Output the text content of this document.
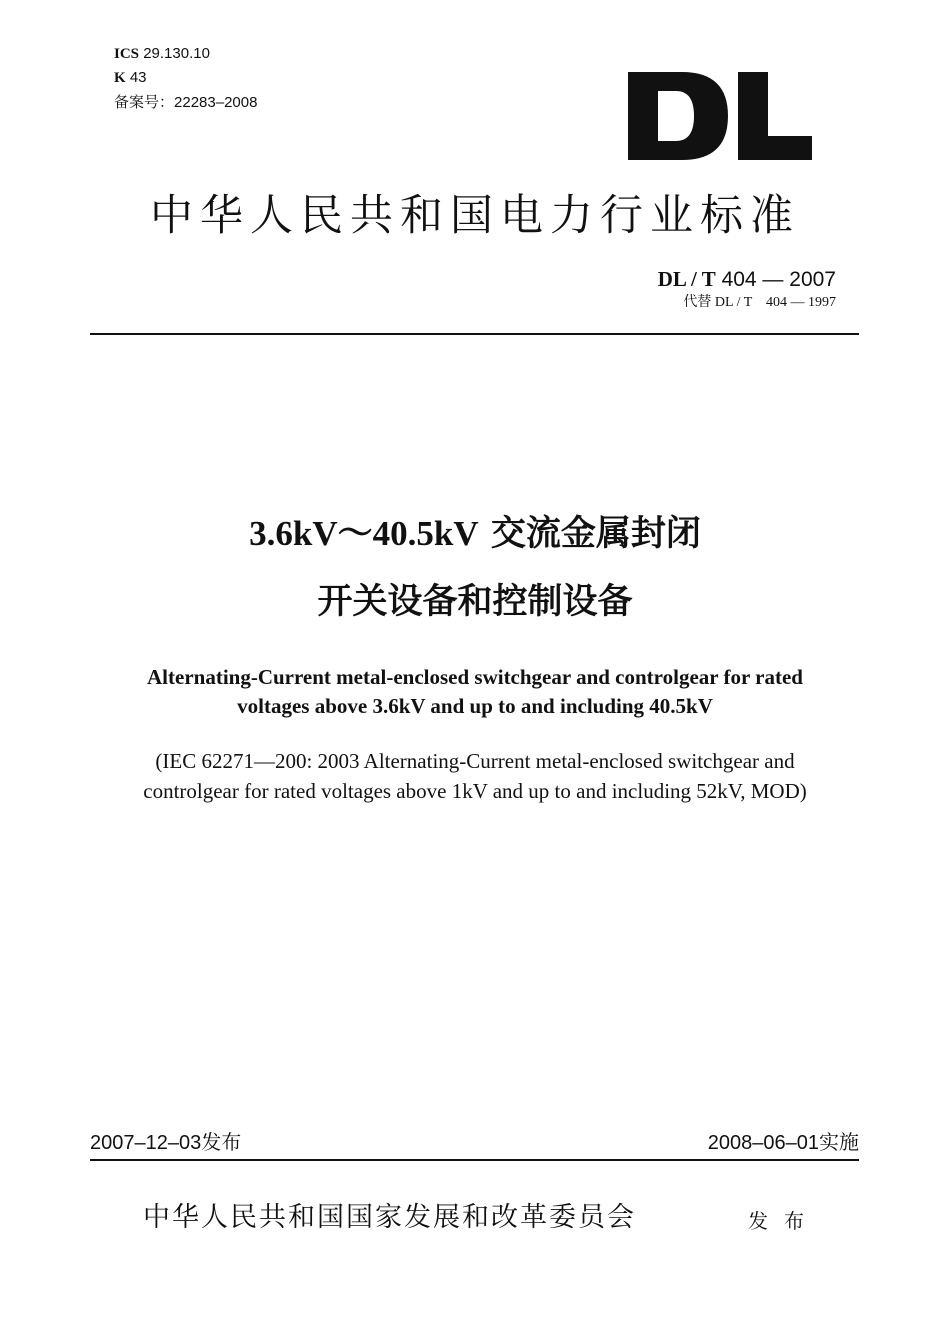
ICS 29.130.10
K 43
备案号：22283–2008
中华人民共和国电力行业标准
DL / T 404 — 2007
代替 DL / T　404 — 1997
3.6kV～40.5kV 交流金属封闭
开关设备和控制设备
Alternating-Current metal-enclosed switchgear and controlgear for rated
voltages above 3.6kV and up to and including 40.5kV
(IEC 62271—200: 2003 Alternating-Current metal-enclosed switchgear and
controlgear for rated voltages above 1kV and up to and including 52kV, MOD)
2007–12–03发布	2008–06–01实施
中华人民共和国国家发展和改革委员会	发布
